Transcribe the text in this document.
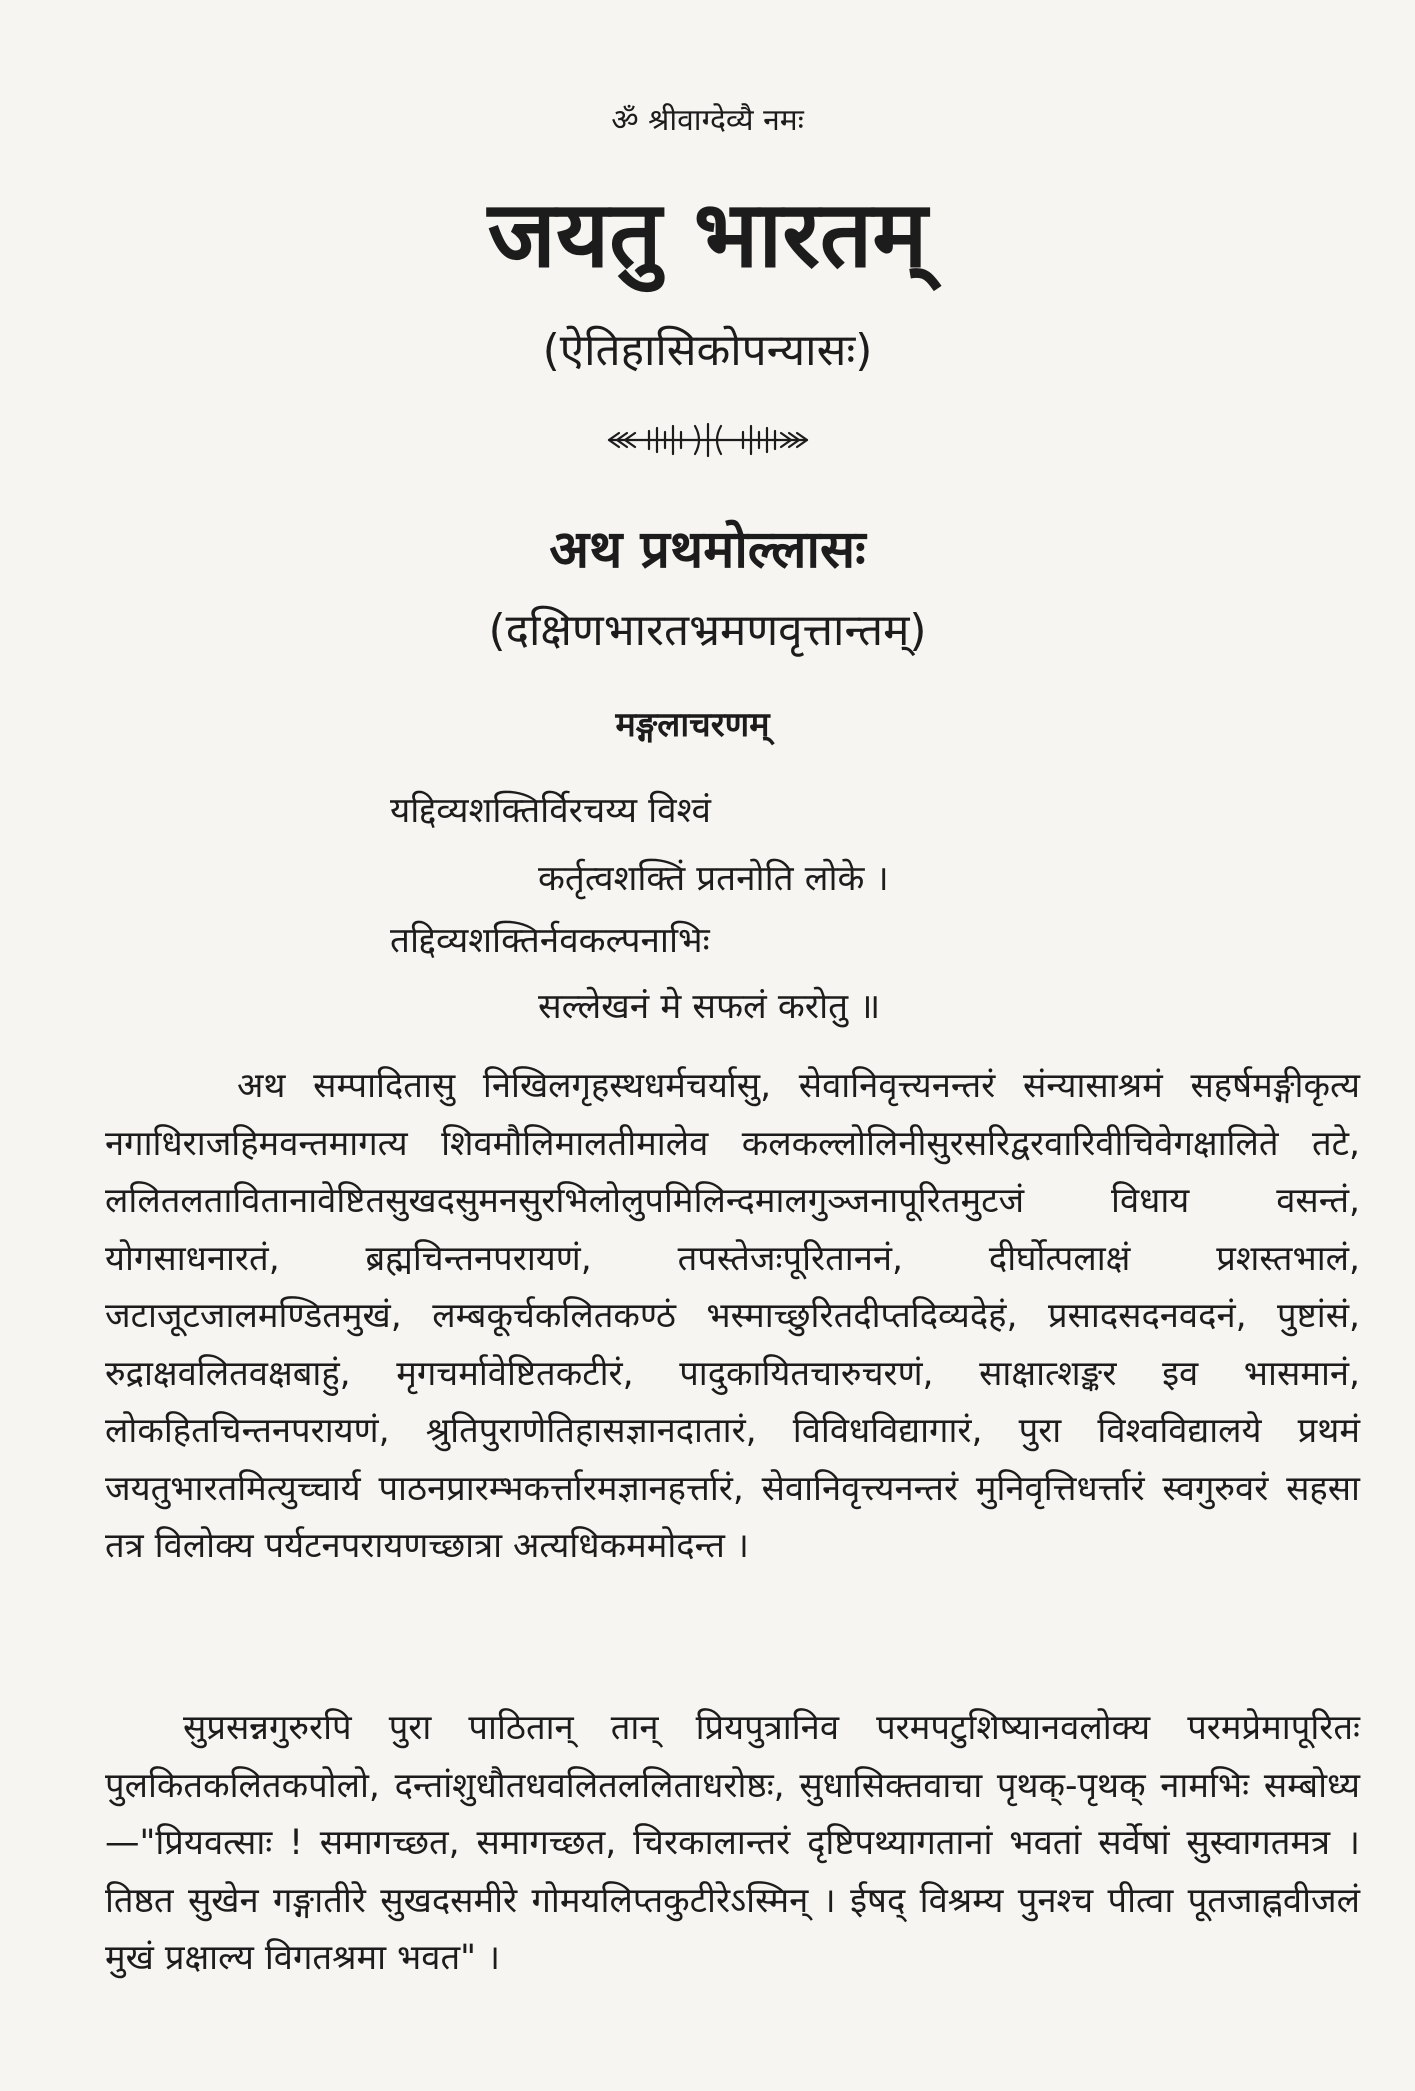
ॐ श्रीवाग्देव्यै नमः
जयतु भारतम्
(ऐतिहासिकोपन्यासः)
अथ प्रथमोल्लासः
(दक्षिणभारतभ्रमणवृत्तान्तम्)
मङ्गलाचरणम्
यद्दिव्यशक्तिर्विरचय्य विश्वं
कर्तृत्वशक्तिं प्रतनोति लोके ।
तद्दिव्यशक्तिर्नवकल्पनाभिः
सल्लेखनं मे सफलं करोतु ॥

अथ सम्पादितासु निखिलगृहस्थधर्मचर्यासु, सेवानिवृत्त्यनन्तरं संन्यासाश्रमं सहर्षमङ्गीकृत्य नगाधिराजहिमवन्तमागत्य शिवमौलिमालतीमालेव कलकल्लोलिनीसुरसरिद्वरवारिवीचिवेगक्षालिते तटे, ललितलतावितानावेष्टितसुखदसुमनसुरभिलोलुपमिलिन्दमालगुञ्जनापूरितमुटजं विधाय वसन्तं, योगसाधनारतं, ब्रह्मचिन्तनपरायणं, तपस्तेजःपूरिताननं, दीर्घोत्पलाक्षं प्रशस्तभालं, जटाजूटजालमण्डितमुखं, लम्बकूर्चकलितकण्ठं भस्माच्छुरितदीप्तदिव्यदेहं, प्रसादसदनवदनं, पुष्टांसं, रुद्राक्षवलितवक्षबाहुं, मृगचर्मावेष्टितकटीरं, पादुकायितचारुचरणं, साक्षात्शङ्कर इव भासमानं, लोकहितचिन्तनपरायणं, श्रुतिपुराणेतिहासज्ञानदातारं, विविधविद्यागारं, पुरा विश्वविद्यालये प्रथमं जयतुभारतमित्युच्चार्य पाठनप्रारम्भकर्त्तारमज्ञानहर्त्तारं, सेवानिवृत्त्यनन्तरं मुनिवृत्तिधर्त्तारं स्वगुरुवरं सहसा तत्र विलोक्य पर्यटनपरायणच्छात्रा अत्यधिकममोदन्त ।

सुप्रसन्नगुरुरपि पुरा पाठितान् तान् प्रियपुत्रानिव परमपटुशिष्यानवलोक्य परमप्रेमापूरितः पुलकितकलितकपोलो, दन्तांशुधौतधवलितललिताधरोष्ठः, सुधासिक्तवाचा पृथक्-पृथक् नामभिः सम्बोध्य—"प्रियवत्साः ! समागच्छत, समागच्छत, चिरकालान्तरं दृष्टिपथ्यागतानां भवतां सर्वेषां सुस्वागतमत्र । तिष्ठत सुखेन गङ्गातीरे सुखदसमीरे गोमयलिप्तकुटीरेऽस्मिन् । ईषद् विश्रम्य पुनश्च पीत्वा पूतजाह्नवीजलं मुखं प्रक्षाल्य विगतश्रमा भवत" ।
